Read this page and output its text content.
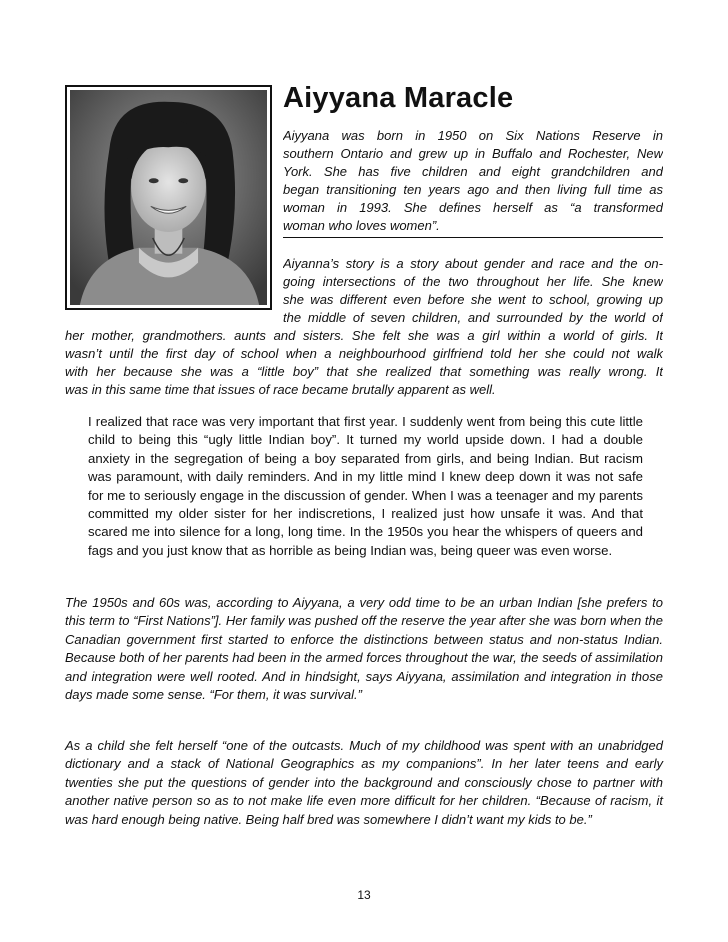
Aiyyana Maracle
Aiyyana was born in 1950 on Six Nations Reserve in
southern Ontario and grew up in Buffalo and Rochester, New
York. She has five children and eight grandchildren and
began transitioning ten years ago and then living full time as
woman in 1993. She defines herself as “a transformed
woman who loves women”.
Aiyanna’s story is a story about gender and race and the on-
going intersections of the two throughout her life. She knew
she was different even before she went to school, growing up
the middle of seven children, and surrounded by the world of
her mother, grandmothers. aunts and sisters. She felt she was a girl within a world of girls. It
wasn’t until the first day of school when a neighbourhood girlfriend told her she could not walk
with her because she was a “little boy” that she realized that something was really wrong. It
was in this same time that issues of race became brutally apparent as well.

I realized that race was very important that first year. I suddenly went from being this cute little child to being this “ugly little Indian boy”. It turned my world upside down. I had a double anxiety in the segregation of being a boy separated from girls, and being Indian. But racism was paramount, with daily reminders. And in my little mind I knew deep down it was not safe for me to seriously engage in the discussion of gender. When I was a teenager and my parents committed my older sister for her indiscretions, I realized just how unsafe it was. And that scared me into silence for a long, long time. In the 1950s you hear the whispers of queers and fags and you just know that as horrible as being Indian was, being queer was even worse.

The 1950s and 60s was, according to Aiyyana, a very odd time to be an urban Indian [she prefers to this term to “First Nations”]. Her family was pushed off the reserve the year after she was born when the Canadian government first started to enforce the distinctions between status and non-status Indian. Because both of her parents had been in the armed forces throughout the war, the seeds of assimilation and integration were well rooted. And in hindsight, says Aiyyana, assimilation and integration in those days made some sense. “For them, it was survival.”

As a child she felt herself “one of the outcasts. Much of my childhood was spent with an unabridged dictionary and a stack of National Geographics as my companions”. In her later teens and early twenties she put the questions of gender into the background and consciously chose to partner with another native person so as to not make life even more difficult for her children. “Because of racism, it was hard enough being native. Being half bred was somewhere I didn’t want my kids to be.”

13
